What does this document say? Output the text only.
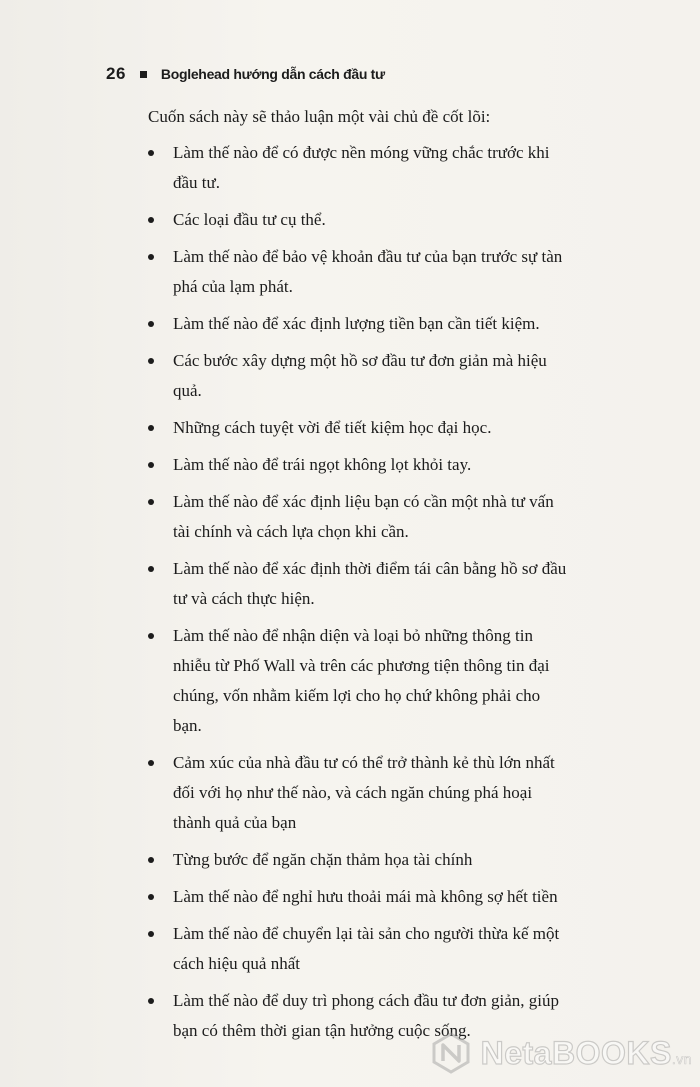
26	Boglehead hướng dẫn cách đầu tư

Cuốn sách này sẽ thảo luận một vài chủ đề cốt lõi:

Làm thế nào để có được nền móng vững chắc trước khi đầu tư.
Các loại đầu tư cụ thể.
Làm thế nào để bảo vệ khoản đầu tư của bạn trước sự tàn phá của lạm phát.
Làm thế nào để xác định lượng tiền bạn cần tiết kiệm.
Các bước xây dựng một hồ sơ đầu tư đơn giản mà hiệu quả.
Những cách tuyệt vời để tiết kiệm học đại học.
Làm thế nào để trái ngọt không lọt khỏi tay.
Làm thế nào để xác định liệu bạn có cần một nhà tư vấn tài chính và cách lựa chọn khi cần.
Làm thế nào để xác định thời điểm tái cân bằng hồ sơ đầu tư và cách thực hiện.
Làm thế nào để nhận diện và loại bỏ những thông tin nhiễu từ Phố Wall và trên các phương tiện thông tin đại chúng, vốn nhằm kiếm lợi cho họ chứ không phải cho bạn.
Cảm xúc của nhà đầu tư có thể trở thành kẻ thù lớn nhất đối với họ như thế nào, và cách ngăn chúng phá hoại thành quả của bạn
Từng bước để ngăn chặn thảm họa tài chính
Làm thế nào để nghỉ hưu thoải mái mà không sợ hết tiền
Làm thế nào để chuyển lại tài sản cho người thừa kế một cách hiệu quả nhất
Làm thế nào để duy trì phong cách đầu tư đơn giản, giúp bạn có thêm thời gian tận hưởng cuộc sống.
NetaBOOKS.vn
